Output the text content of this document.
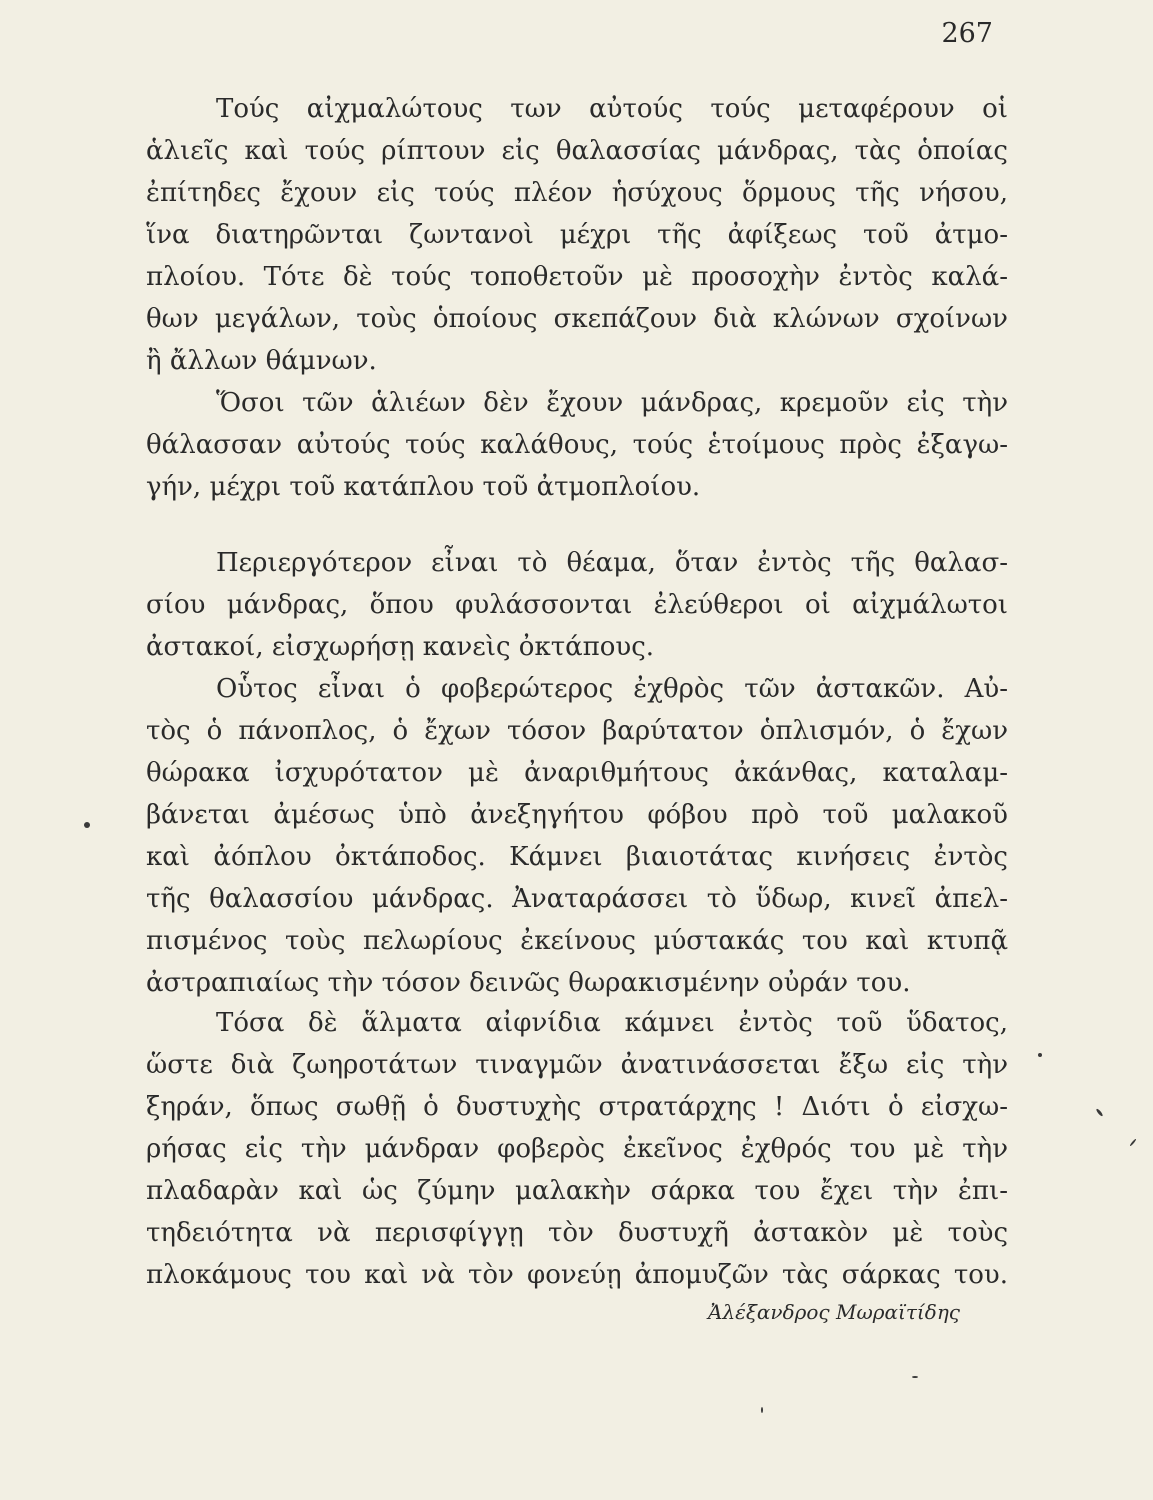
267
Τούς αἰχμαλώτους των αὐτούς τούς μεταφέρουν οἱ
ἁλιεῖς καὶ τούς ρίπτουν εἰς θαλασσίας μάνδρας, τὰς ὁποίας
ἐπίτηδες ἔχουν εἰς τούς πλέον ἡσύχους ὅρμους τῆς νήσου,
ἵνα διατηρῶνται ζωντανοὶ μέχρι τῆς ἀφίξεως τοῦ ἀτμο-
πλοίου. Τότε δὲ τούς τοποθετοῦν μὲ προσοχὴν ἐντὸς καλά-
θων μεγάλων, τοὺς ὁποίους σκεπάζουν διὰ κλώνων σχοίνων
ἢ ἄλλων θάμνων.
Ὅσοι τῶν ἁλιέων δὲν ἔχουν μάνδρας, κρεμοῦν εἰς τὴν
θάλασσαν αὐτούς τούς καλάθους, τούς ἑτοίμους πρὸς ἐξαγω-
γήν, μέχρι τοῦ κατάπλου τοῦ ἀτμοπλοίου.
Περιεργότερον εἶναι τὸ θέαμα, ὅταν ἐντὸς τῆς θαλασ-
σίου μάνδρας, ὅπου φυλάσσονται ἐλεύθεροι οἱ αἰχμάλωτοι
ἀστακοί, εἰσχωρήσῃ κανεὶς ὀκτάπους.
Οὗτος εἶναι ὁ φοβερώτερος ἐχθρὸς τῶν ἀστακῶν. Αὐ-
τὸς ὁ πάνοπλος, ὁ ἔχων τόσον βαρύτατον ὁπλισμόν, ὁ ἔχων
θώρακα ἰσχυρότατον μὲ ἀναριθμήτους ἀκάνθας, καταλαμ-
βάνεται ἀμέσως ὑπὸ ἀνεξηγήτου φόβου πρὸ τοῦ μαλακοῦ
καὶ ἀόπλου ὀκτάποδος. Κάμνει βιαιοτάτας κινήσεις ἐντὸς
τῆς θαλασσίου μάνδρας. Ἀναταράσσει τὸ ὕδωρ, κινεῖ ἀπελ-
πισμένος τοὺς πελωρίους ἐκείνους μύστακάς του καὶ κτυπᾷ
ἀστραπιαίως τὴν τόσον δεινῶς θωρακισμένην οὐράν του.
Τόσα δὲ ἅλματα αἰφνίδια κάμνει ἐντὸς τοῦ ὕδατος,
ὥστε διὰ ζωηροτάτων τιναγμῶν ἀνατινάσσεται ἔξω εἰς τὴν
ξηράν, ὅπως σωθῇ ὁ δυστυχὴς στρατάρχης ! Διότι ὁ εἰσχω-
ρήσας εἰς τὴν μάνδραν φοβερὸς ἐκεῖνος ἐχθρός του μὲ τὴν
πλαδαρὰν καὶ ὡς ζύμην μαλακὴν σάρκα του ἔχει τὴν ἐπι-
τηδειότητα νὰ περισφίγγῃ τὸν δυστυχῆ ἀστακὸν μὲ τοὺς
πλοκάμους του καὶ νὰ τὸν φονεύῃ ἀπομυζῶν τὰς σάρκας του.
Ἀλέξανδρος Μωραϊτίδης
